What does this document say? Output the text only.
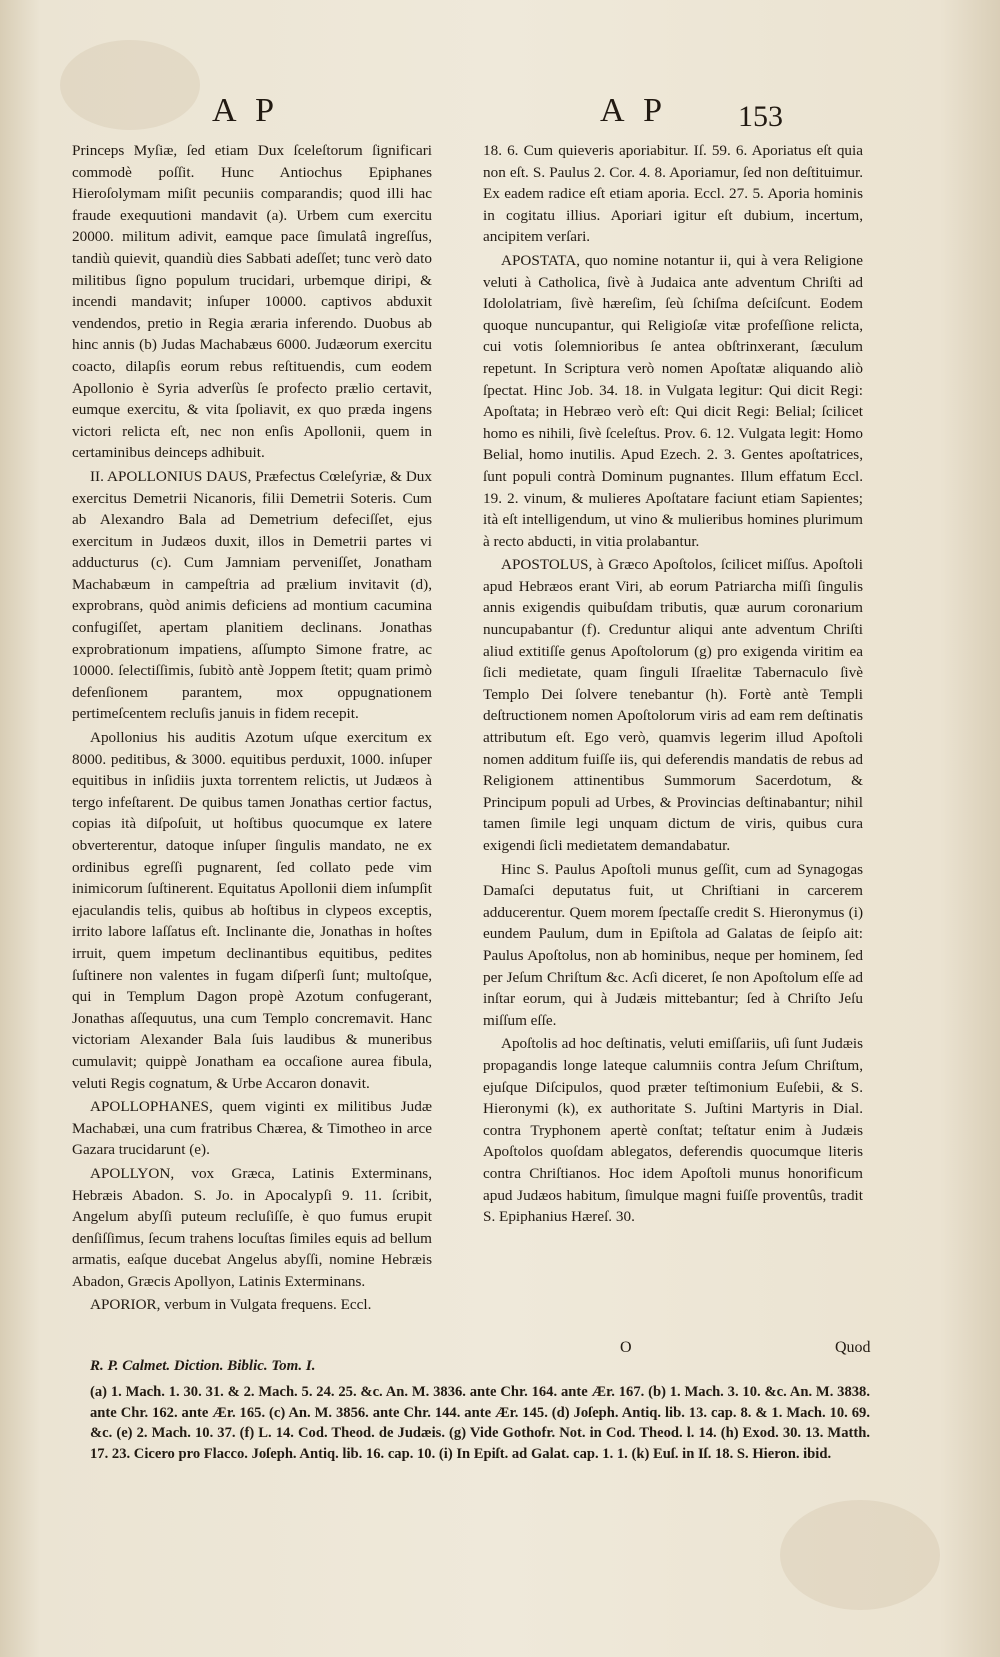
A P	A P 153

Princeps Myſiæ, ſed etiam Dux ſceleſtorum ſignificari commodè poſſit. Hunc Antiochus Epiphanes Hieroſolymam miſit pecuniis comparandis; quod illi hac fraude exequutioni mandavit (a). Urbem cum exercitu 20000. militum adivit, eamque pace ſimulatâ ingreſſus, tandiù quievit, quandiù dies Sabbati adeſſet; tunc verò dato militibus ſigno populum trucidari, urbemque diripi, & incendi mandavit; inſuper 10000. captivos abduxit vendendos, pretio in Regia ærariа inferendo. Duobus ab hinc annis (b) Judas Machabæus 6000. Judæorum exercitu coacto, dilapſis eorum rebus reſtituendis, cum eodem Apollonio è Syria adverſùs ſe profecto prælio certavit, eumque exercitu, & vita ſpoliavit, ex quo præda ingens victori relicta eſt, nec non enſis Apollonii, quem in certaminibus deinceps adhibuit.

II. APOLLONIUS DAUS, Præfectus Cœleſyriæ, & Dux exercitus Demetrii Nicanoris, filii Demetrii Soteris. Cum ab Alexandro Bala ad Demetrium defeciſſet, ejus exercitum in Judæos duxit, illos in Demetrii partes vi adducturus (c). Cum Jamniam perveniſſet, Jonatham Machabæum in campeſtria ad prælium invitavit (d), exprobrans, quòd animis deficiens ad montium cacumina confugiſſet, apertam planitiem declinans. Jonathas exprobrationum impatiens, aſſumpto Simone fratre, ac 10000. ſelectiſſimis, ſubitò antè Joppem ſtetit; quam primò defenſionem parantem, mox oppugnationem pertimeſcentem recluſis januis in fidem recepit.

Apollonius his auditis Azotum uſque exercitum ex 8000. peditibus, & 3000. equitibus perduxit, 1000. inſuper equitibus in inſidiis juxta torrentem relictis, ut Judæos à tergo infeſtarent. De quibus tamen Jonathas certior factus, copias ità diſpoſuit, ut hoſtibus quocumque ex latere obverterentur, datoque inſuper ſingulis mandato, ne ex ordinibus egreſſi pugnarent, ſed collato pede vim inimicorum ſuſtinerent. Equitatus Apollonii diem inſumpſit ejaculandis telis, quibus ab hoſtibus in clypeos exceptis, irrito labore laſſatus eſt. Inclinante die, Jonathas in hoſtes irruit, quem impetum declinantibus equitibus, pedites ſuſtinere non valentes in fugam diſperſi ſunt; multoſque, qui in Templum Dagon propè Azotum confugerant, Jonathas aſſequutus, una cum Templo concremavit. Hanc victoriam Alexander Bala ſuis laudibus & muneribus cumulavit; quippè Jonatham ea occaſione aurea fibula, veluti Regis cognatum, & Urbe Accaron donavit.

APOLLOPHANES, quem viginti ex militibus Judæ Machabæi, una cum fratribus Chærea, & Timotheo in arce Gazara trucidarunt (e).

APOLLYON, vox Græca, Latinis Exterminans, Hebræis Abadon. S. Jo. in Apocalypſi 9. 11. ſcribit, Angelum abyſſi puteum recluſiſſe, è quo fumus erupit denſiſſimus, ſecum trahens locuſtas ſimiles equis ad bellum armatis, eaſque ducebat Angelus abyſſi, nomine Hebræis Abadon, Græcis Apollyon, Latinis Exterminans.

APORIOR, verbum in Vulgata frequens. Eccl.

18. 6. Cum quieveris aporiabitur. Iſ. 59. 6. Aporiatus eſt quia non eſt. S. Paulus 2. Cor. 4. 8. Aporiamur, ſed non deſtituimur. Ex eadem radice eſt etiam aporia. Eccl. 27. 5. Aporia hominis in cogitatu illius. Aporiari igitur eſt dubium, incertum, ancipitem verſari.

APOSTATA, quo nomine notantur ii, qui à vera Religione veluti à Catholica, ſivè à Judaica ante adventum Chriſti ad Idololatriam, ſivè hæreſim, ſeù ſchiſma deſciſcunt. Eodem quoque nuncupantur, qui Religioſæ vitæ profeſſione relicta, cui votis ſolemnioribus ſe antea obſtrinxerant, ſæculum repetunt. In Scriptura verò nomen Apoſtatæ aliquando aliò ſpectat. Hinc Job. 34. 18. in Vulgata legitur: Qui dicit Regi: Apoſtata; in Hebræo verò eſt: Qui dicit Regi: Belial; ſcilicet homo es nihili, ſivè ſceleſtus. Prov. 6. 12. Vulgata legit: Homo Belial, homo inutilis. Apud Ezech. 2. 3. Gentes apoſtatrices, ſunt populi contrà Dominum pugnantes. Illum effatum Eccl. 19. 2. vinum, & mulieres Apoſtatare faciunt etiam Sapientes; ità eſt intelligendum, ut vino & mulieribus homines plurimum à recto abducti, in vitia prolabantur.

APOSTOLUS, à Græco Apoſtolos, ſcilicet miſſus. Apoſtoli apud Hebræos erant Viri, ab eorum Patriarcha miſſi ſingulis annis exigendis quibuſdam tributis, quæ aurum coronarium nuncupabantur (f). Creduntur aliqui ante adventum Chriſti aliud extitiſſe genus Apoſtolorum (g) pro exigenda viritim ea ſicli medietate, quam ſinguli Iſraelitæ Tabernaculo ſivè Templo Dei ſolvere tenebantur (h). Fortè antè Templi deſtructionem nomen Apoſtolorum viris ad eam rem deſtinatis attributum eſt. Ego verò, quamvis legerim illud Apoſtoli nomen additum fuiſſe iis, qui deferendis mandatis de rebus ad Religionem attinentibus Summorum Sacerdotum, & Principum populi ad Urbes, & Provincias deſtinabantur; nihil tamen ſimile legi unquam dictum de viris, quibus cura exigendi ſicli medietatem demandabatur.

Hinc S. Paulus Apoſtoli munus geſſit, cum ad Synagogas Damaſci deputatus fuit, ut Chriſtiani in carcerem adducerentur. Quem morem ſpectaſſe credit S. Hieronymus (i) eundem Paulum, dum in Epiſtola ad Galatas de ſeipſo ait: Paulus Apoſtolus, non ab hominibus, neque per hominem, ſed per Jeſum Chriſtum &c. Acſi diceret, ſe non Apoſtolum eſſe ad inſtar eorum, qui à Judæis mittebantur; ſed à Chriſto Jeſu miſſum eſſe.

Apoſtolis ad hoc deſtinatis, veluti emiſſariis, uſi ſunt Judæis propagandis longe lateque calumniis contra Jeſum Chriſtum, ejuſque Diſcipulos, quod præter teſtimonium Euſebii, & S. Hieronymi (k), ex authoritate S. Juſtini Martyris in Dial. contra Tryphonem apertè conſtat; teſtatur enim à Judæis Apoſtolos quoſdam ablegatos, deferendis quocumque literis contra Chriſtianos. Hoc idem Apoſtoli munus honorificum apud Judæos habitum, ſimulque magni fuiſſe proventûs, tradit S. Epiphanius Hæreſ. 30.

O	Quod
R. P. Calmet. Diction. Biblic. Tom. I.
(a) 1. Mach. 1. 30. 31. & 2. Mach. 5. 24. 25. &c. An. M. 3836. ante Chr. 164. ante Ær. 167. (b) 1. Mach. 3. 10. &c. An. M. 3838. ante Chr. 162. ante Ær. 165. (c) An. M. 3856. ante Chr. 144. ante Ær. 145. (d) Joſeph. Antiq. lib. 13. cap. 8. & 1. Mach. 10. 69. &c. (e) 2. Mach. 10. 37. (f) L. 14. Cod. Theod. de Judæis. (g) Vide Gothofr. Not. in Cod. Theod. l. 14. (h) Exod. 30. 13. Matth. 17. 23. Cicero pro Flacco. Joſeph. Antiq. lib. 16. cap. 10. (i) In Epiſt. ad Galat. cap. 1. 1. (k) Euſ. in Iſ. 18. S. Hieron. ibid.
